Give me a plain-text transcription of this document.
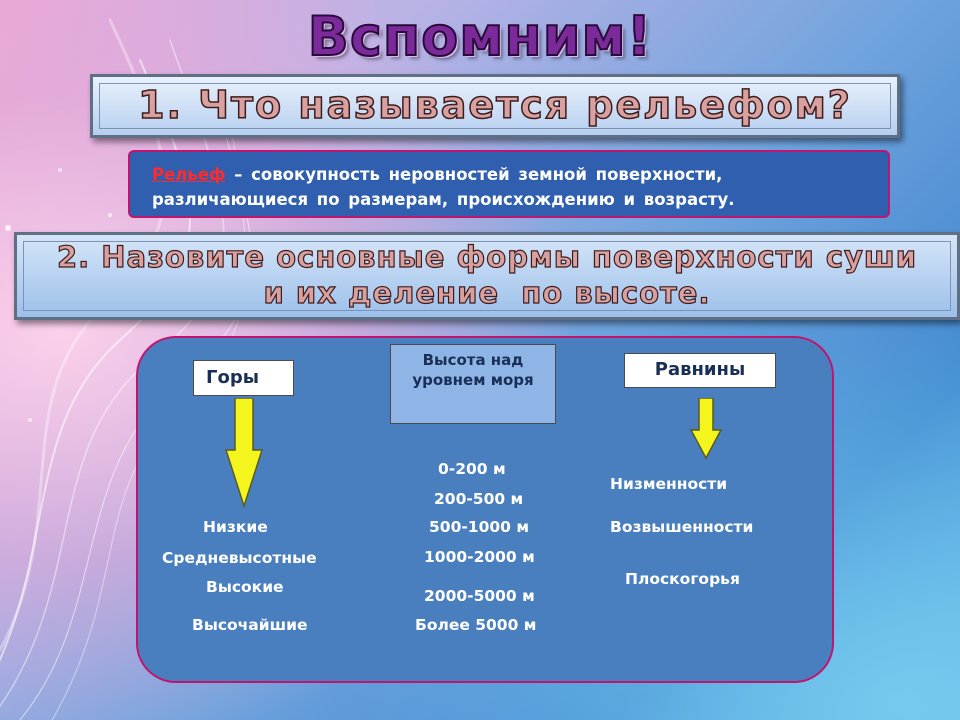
Вспомним!
1. Что называется рельефом?
Рельеф – совокупность неровностей земной поверхности, различающиеся по размерам, происхождению и возрасту.
2. Назовите основные формы поверхности суши
и их деление  по высоте.
Горы
Высота над уровнем моря	Равнины
Низкие
Средневысотные
Высокие
Высочайшие
0-200 м
200-500 м
500-1000 м
1000-2000 м
2000-5000 м
Более 5000 м
Низменности
Возвышенности
Плоскогорья
